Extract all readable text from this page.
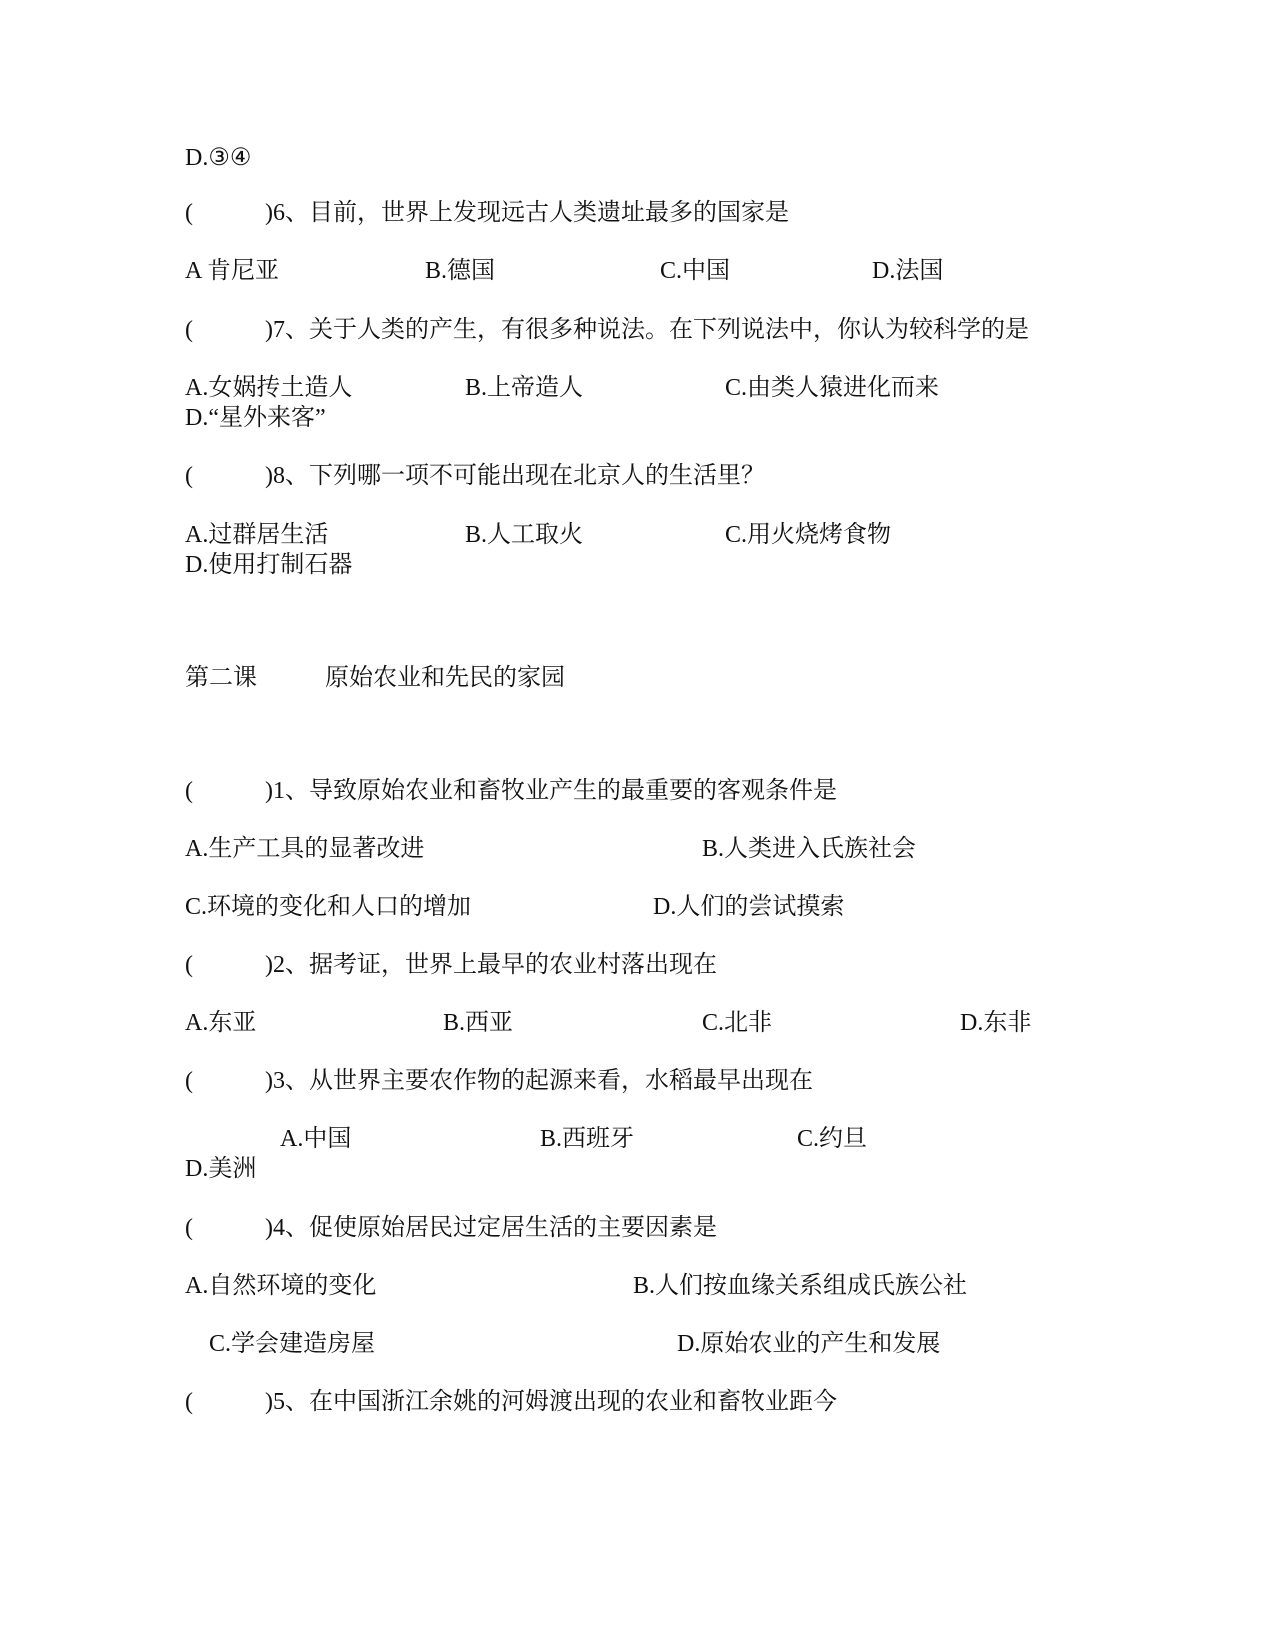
D.③④
(	)6、目前，世界上发现远古人类遗址最多的国家是
A 肯尼亚	B.德国	C.中国	D.法国
(	)7、关于人类的产生，有很多种说法。在下列说法中，你认为较科学的是
A.女娲抟土造人	B.上帝造人	C.由类人猿进化而来
D.“星外来客”
(	)8、下列哪一项不可能出现在北京人的生活里？
A.过群居生活	B.人工取火	C.用火烧烤食物
D.使用打制石器
第二课	原始农业和先民的家园
(	)1、导致原始农业和畜牧业产生的最重要的客观条件是
A.生产工具的显著改进	B.人类进入氏族社会
C.环境的变化和人口的增加	D.人们的尝试摸索
(	)2、据考证，世界上最早的农业村落出现在
A.东亚	B.西亚	C.北非	D.东非
(	)3、从世界主要农作物的起源来看，水稻最早出现在
A.中国	B.西班牙	C.约旦
D.美洲
(	)4、促使原始居民过定居生活的主要因素是
A.自然环境的变化	B.人们按血缘关系组成氏族公社
C.学会建造房屋	D.原始农业的产生和发展
(	)5、在中国浙江余姚的河姆渡出现的农业和畜牧业距今
